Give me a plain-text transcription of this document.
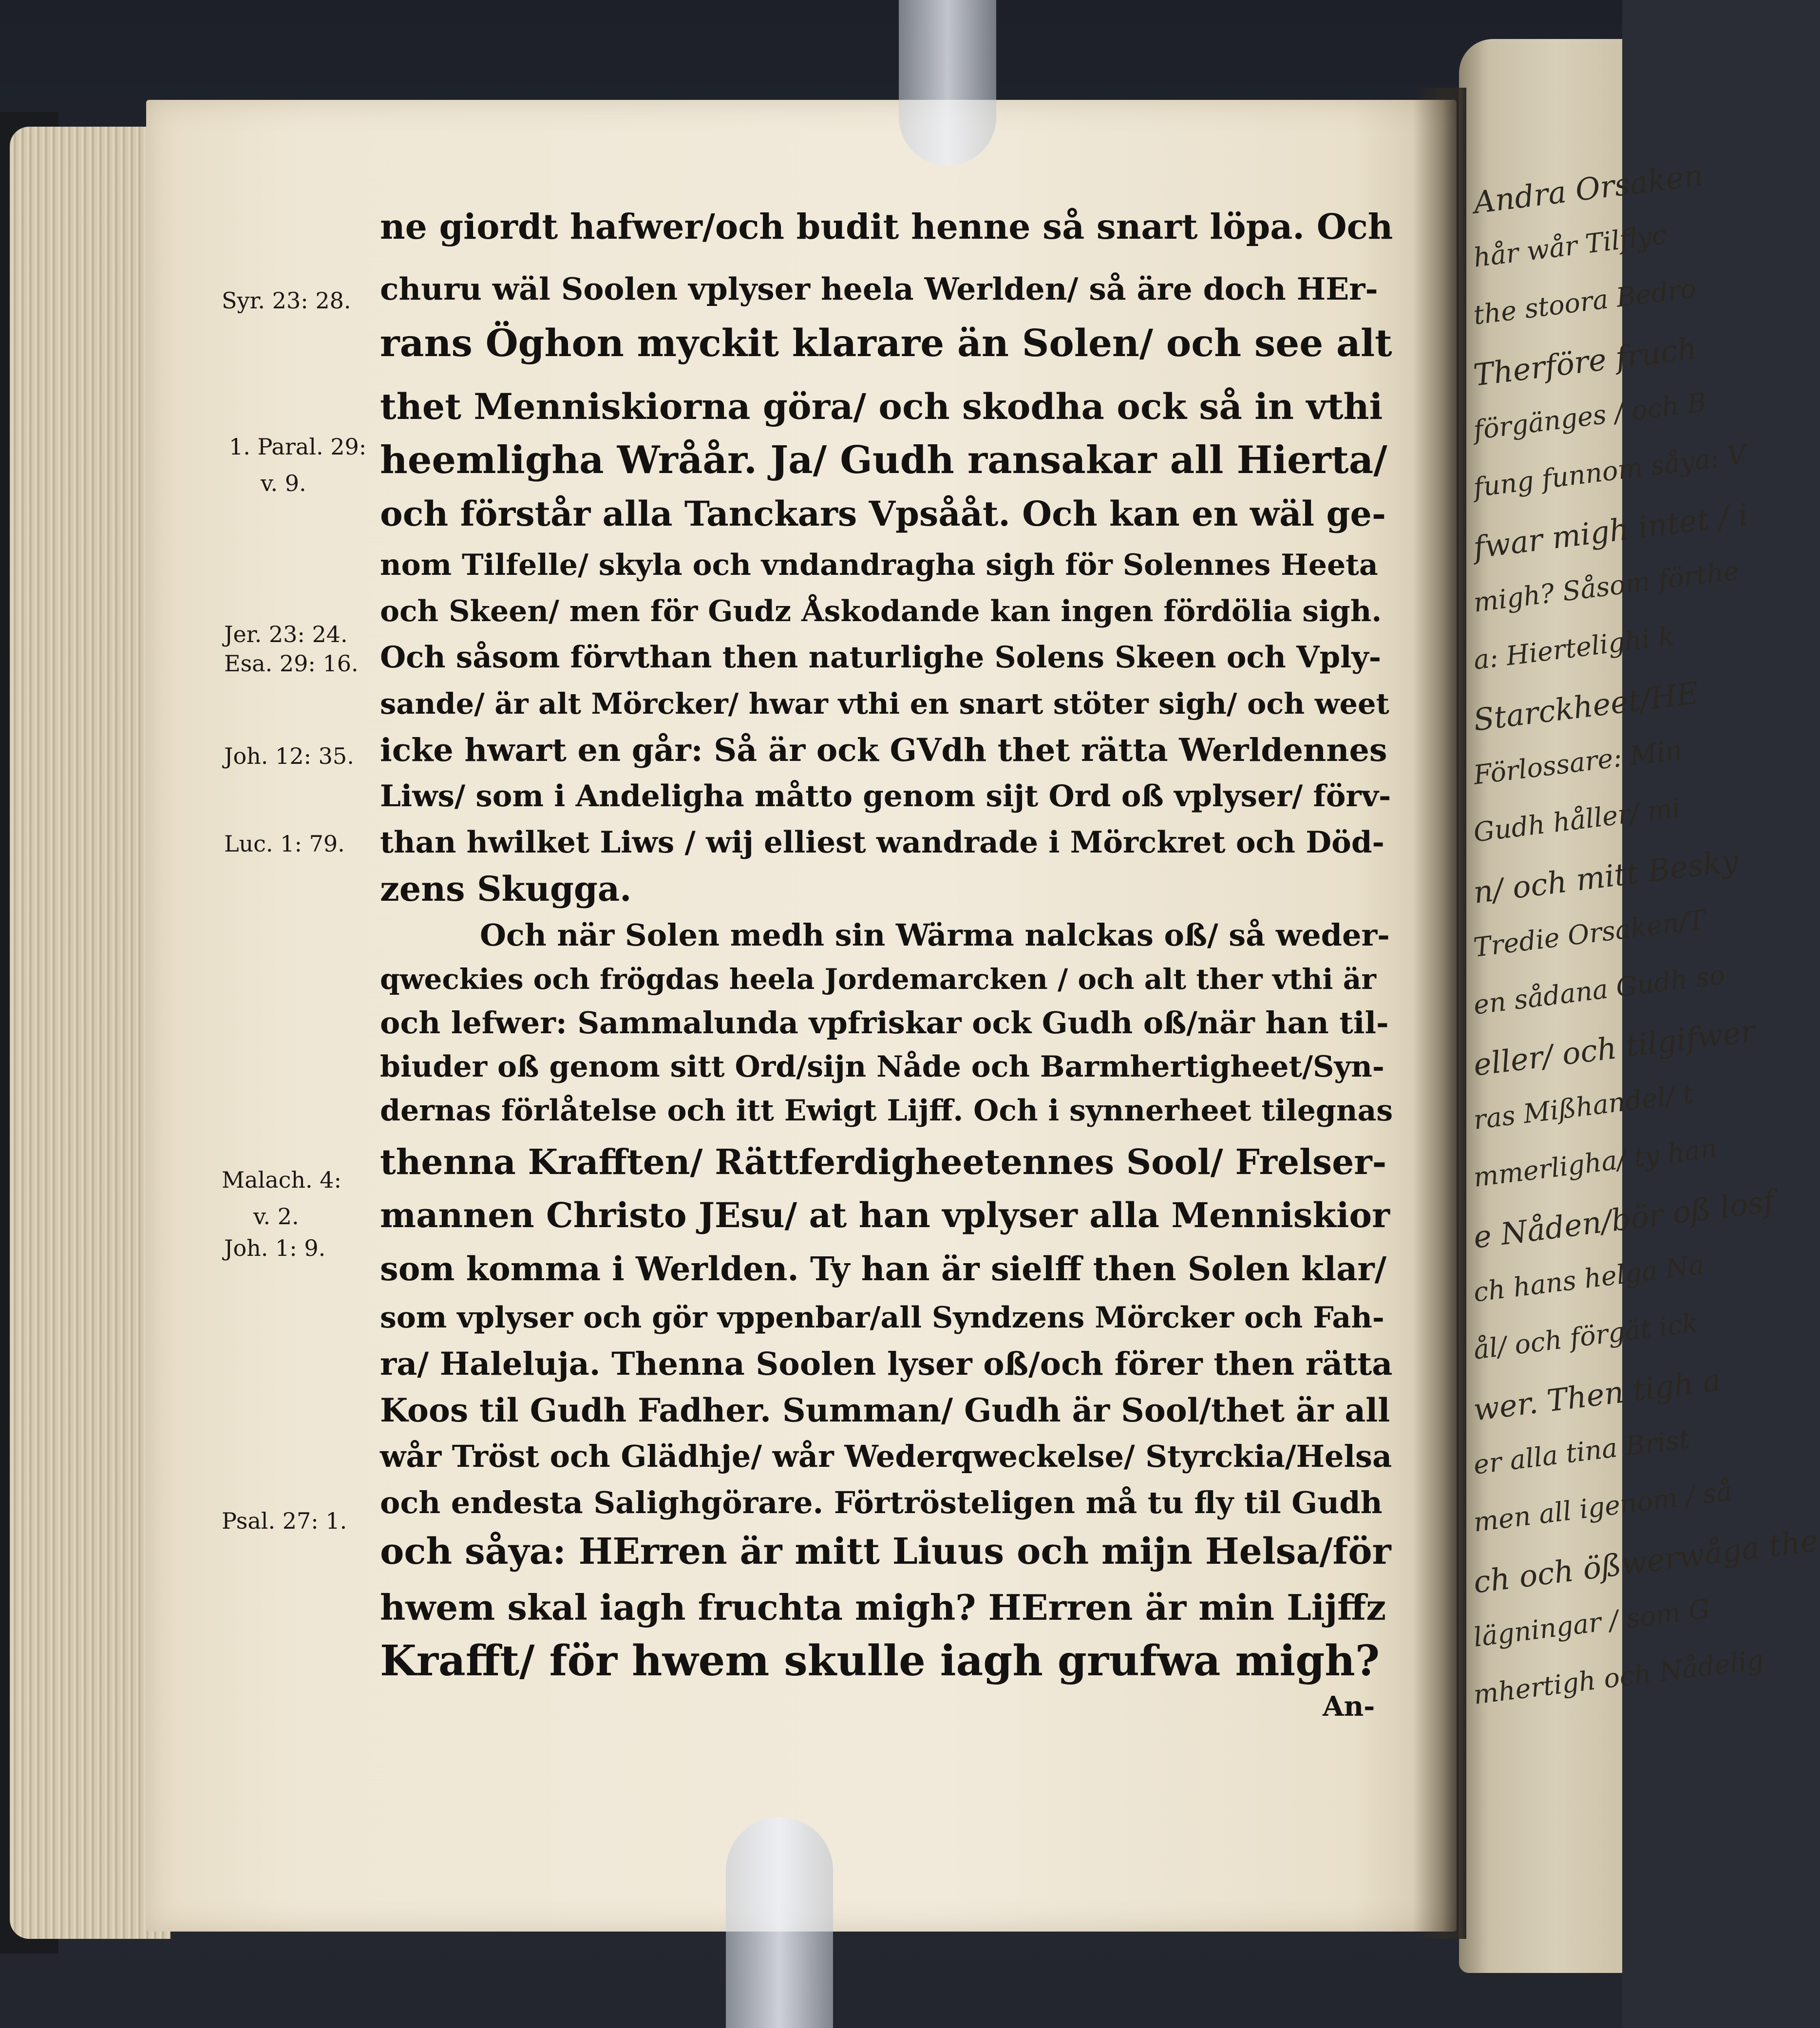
Andra Orsaken
hår wår Tilflyc
the stoora Bedro
Therföre fruch
förgänges / och B
fung funnom såya: V
fwar migh intet / i
migh? Såsom förthe
a: Hiertelighi k
Starckheet/HE
Förlossare: Min
Gudh håller/ mi
n/ och mitt Besky
Tredie Orsaken/T
en sådana Gudh so
eller/ och tilgifwer
ras Mißhandel/ t
mmerligha/ ty han
e Nåden/bör oß losf
ch hans helga Na
ål/ och förgät ick
wer. Then tigh a
er alla tina Brist
men all igenom / så
ch och ößwerwåga the
lägningar / som G
mhertigh och Nådelig
ne giordt hafwer/och budit henne så snart löpa. Och
churu wäl Soolen vplyser heela Werlden/ så äre doch HEr-
rans Öghon myckit klarare än Solen/ och see alt
thet Menniskiorna göra/ och skodha ock så in vthi
heemligha Wråår. Ja/ Gudh ransakar all Hierta/
och förstår alla Tanckars Vpsååt. Och kan en wäl ge-
nom Tilfelle/ skyla och vndandragha sigh för Solennes Heeta
och Skeen/ men för Gudz Åskodande kan ingen fördölia sigh.
Och såsom förvthan then naturlighe Solens Skeen och Vply-
sande/ är alt Mörcker/ hwar vthi en snart stöter sigh/ och weet
icke hwart en går: Så är ock GVdh thet rätta Werldennes
Liws/ som i Andeligha måtto genom sijt Ord oß vplyser/ förv-
than hwilket Liws / wij elliest wandrade i Mörckret och Död-
zens Skugga.
Och när Solen medh sin Wärma nalckas oß/ så weder-
qweckies och frögdas heela Jordemarcken / och alt ther vthi är
och lefwer: Sammalunda vpfriskar ock Gudh oß/när han til-
biuder oß genom sitt Ord/sijn Nåde och Barmhertigheet/Syn-
dernas förlåtelse och itt Ewigt Lijff. Och i synnerheet tilegnas
thenna Krafften/ Rättferdigheetennes Sool/ Frelser-
mannen Christo JEsu/ at han vplyser alla Menniskior
som komma i Werlden. Ty han är sielff then Solen klar/
som vplyser och gör vppenbar/all Syndzens Mörcker och Fah-
ra/ Haleluja. Thenna Soolen lyser oß/och förer then rätta
Koos til Gudh Fadher. Summan/ Gudh är Sool/thet är all
wår Tröst och Glädhje/ wår Wederqweckelse/ Styrckia/Helsa
och endesta Salighgörare. Förtrösteligen må tu fly til Gudh
och såya: HErren är mitt Liuus och mijn Helsa/för
hwem skal iagh fruchta migh? HErren är min Lijffz
Krafft/ för hwem skulle iagh grufwa migh?
Syr. 23: 28.
1. Paral. 29:
v. 9.
Jer. 23: 24.
Esa. 29: 16.
Joh. 12: 35.
Luc. 1: 79.
Malach. 4:
v. 2.
Joh. 1: 9.
Psal. 27: 1.
An-
